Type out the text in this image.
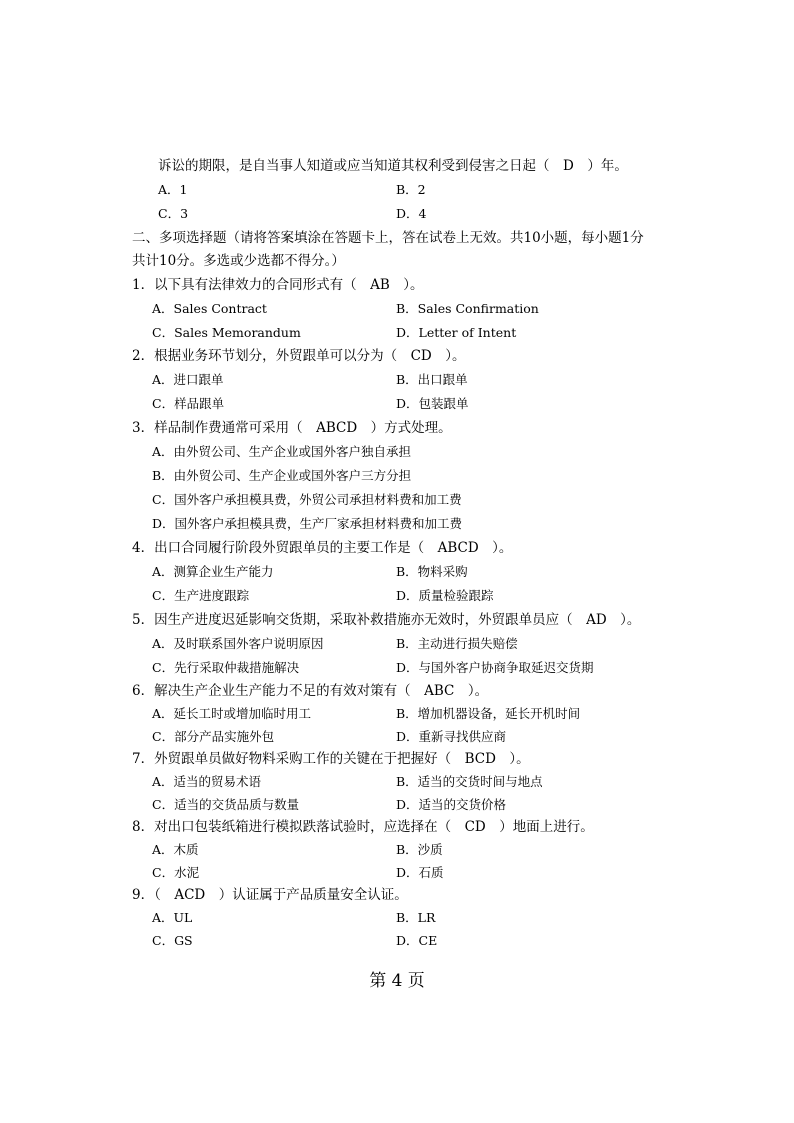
诉讼的期限，是自当事人知道或应当知道其权利受到侵害之日起（　D　）年。
A．1	B．2
C．3	D．4
二、多项选择题（请将答案填涂在答题卡上，答在试卷上无效。共10小题，每小题1分
共计10分。多选或少选都不得分。）
1．以下具有法律效力的合同形式有（　AB　）。
A．Sales Contract	B．Sales Confirmation
C．Sales Memorandum	D．Letter of Intent
2．根据业务环节划分，外贸跟单可以分为（　CD　）。
A．进口跟单	B．出口跟单
C．样品跟单	D．包装跟单
3．样品制作费通常可采用（　ABCD　）方式处理。
A．由外贸公司、生产企业或国外客户独自承担
B．由外贸公司、生产企业或国外客户三方分担
C．国外客户承担模具费，外贸公司承担材料费和加工费
D．国外客户承担模具费，生产厂家承担材料费和加工费
4．出口合同履行阶段外贸跟单员的主要工作是（　ABCD　）。
A．测算企业生产能力	B．物料采购
C．生产进度跟踪	D．质量检验跟踪
5．因生产进度迟延影响交货期，采取补救措施亦无效时，外贸跟单员应（　AD　）。
A．及时联系国外客户说明原因	B．主动进行损失赔偿
C．先行采取仲裁措施解决	D．与国外客户协商争取延迟交货期
6．解决生产企业生产能力不足的有效对策有（　ABC　）。
A．延长工时或增加临时用工	B．增加机器设备，延长开机时间
C．部分产品实施外包	D．重新寻找供应商
7．外贸跟单员做好物料采购工作的关键在于把握好（　BCD　）。
A．适当的贸易术语	B．适当的交货时间与地点
C．适当的交货品质与数量	D．适当的交货价格
8．对出口包装纸箱进行模拟跌落试验时，应选择在（　CD　）地面上进行。
A．木质	B．沙质
C．水泥	D．石质
9．（　ACD　）认证属于产品质量安全认证。
A．UL	B．LR
C．GS	D．CE
第 4 页
